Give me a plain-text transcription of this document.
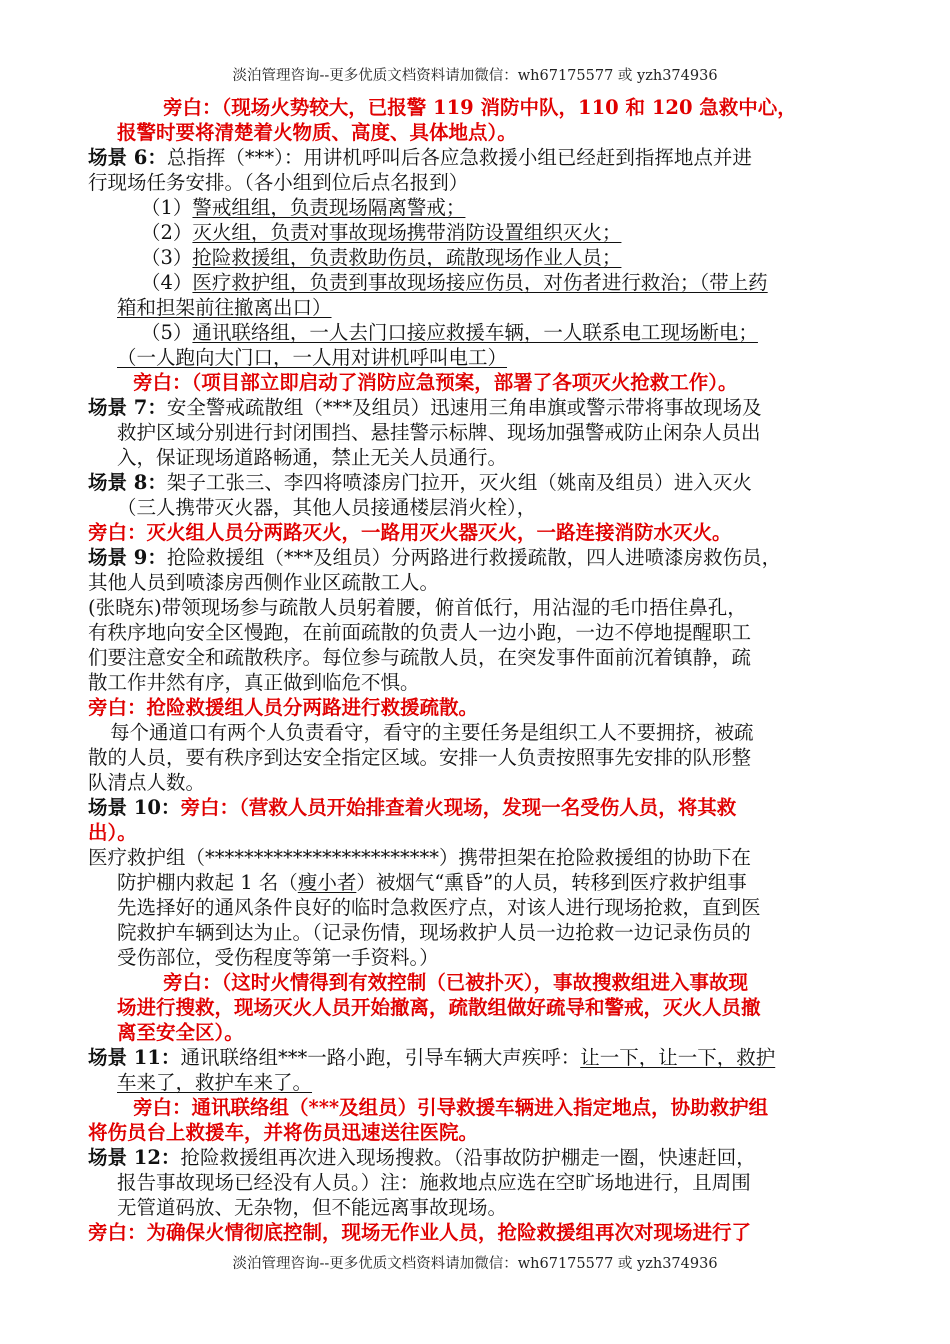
淡泊管理咨询--更多优质文档资料请加微信：wh67175577 或 yzh374936
旁白：（现场火势较大，已报警 119 消防中队，110 和 120 急救中心，
报警时要将清楚着火物质、高度、具体地点）。
场景 6：总指挥（***）：用讲机呼叫后各应急救援小组已经赶到指挥地点并进
行现场任务安排。（各小组到位后点名报到）
（1）警戒组组，负责现场隔离警戒；
（2）灭火组，负责对事故现场携带消防设置组织灭火；
（3）抢险救援组，负责救助伤员，疏散现场作业人员；
（4）医疗救护组，负责到事故现场接应伤员，对伤者进行救治；（带上药
箱和担架前往撤离出口）
（5）通讯联络组，一人去门口接应救援车辆，一人联系电工现场断电；
（一人跑向大门口，一人用对讲机呼叫电工）
旁白：（项目部立即启动了消防应急预案，部署了各项灭火抢救工作）。
场景 7：安全警戒疏散组（***及组员）迅速用三角串旗或警示带将事故现场及
救护区域分别进行封闭围挡、悬挂警示标牌、现场加强警戒防止闲杂人员出
入，保证现场道路畅通，禁止无关人员通行。
场景 8：架子工张三、李四将喷漆房门拉开，灭火组（姚南及组员）进入灭火
（三人携带灭火器，其他人员接通楼层消火栓），
旁白：灭火组人员分两路灭火，一路用灭火器灭火，一路连接消防水灭火。
场景 9：抢险救援组（***及组员）分两路进行救援疏散，四人进喷漆房救伤员，
其他人员到喷漆房西侧作业区疏散工人。
(张晓东)带领现场参与疏散人员躬着腰，俯首低行，用沾湿的毛巾捂住鼻孔，
有秩序地向安全区慢跑，在前面疏散的负责人一边小跑，一边不停地提醒职工
们要注意安全和疏散秩序。每位参与疏散人员，在突发事件面前沉着镇静，疏
散工作井然有序，真正做到临危不惧。
旁白：抢险救援组人员分两路进行救援疏散。
每个通道口有两个人负责看守，看守的主要任务是组织工人不要拥挤，被疏
散的人员，要有秩序到达安全指定区域。安排一人负责按照事先安排的队形整
队清点人数。
场景 10：旁白：（营救人员开始排查着火现场，发现一名受伤人员，将其救
出）。
医疗救护组（************************）携带担架在抢险救援组的协助下在
防护棚内救起 1 名（瘦小者）被烟气“熏昏”的人员，转移到医疗救护组事
先选择好的通风条件良好的临时急救医疗点，对该人进行现场抢救，直到医
院救护车辆到达为止。（记录伤情，现场救护人员一边抢救一边记录伤员的
受伤部位，受伤程度等第一手资料。）
旁白：（这时火情得到有效控制（已被扑灭），事故搜救组进入事故现
场进行搜救，现场灭火人员开始撤离，疏散组做好疏导和警戒，灭火人员撤
离至安全区）。
场景 11：通讯联络组***一路小跑，引导车辆大声疾呼：让一下，让一下，救护
车来了，救护车来了。
旁白：通讯联络组（***及组员）引导救援车辆进入指定地点，协助救护组
将伤员台上救援车，并将伤员迅速送往医院。
场景 12：抢险救援组再次进入现场搜救。（沿事故防护棚走一圈，快速赶回，
报告事故现场已经没有人员。）注：施救地点应选在空旷场地进行，且周围
无管道码放、无杂物，但不能远离事故现场。
旁白：为确保火情彻底控制，现场无作业人员，抢险救援组再次对现场进行了
淡泊管理咨询--更多优质文档资料请加微信：wh67175577 或 yzh374936
